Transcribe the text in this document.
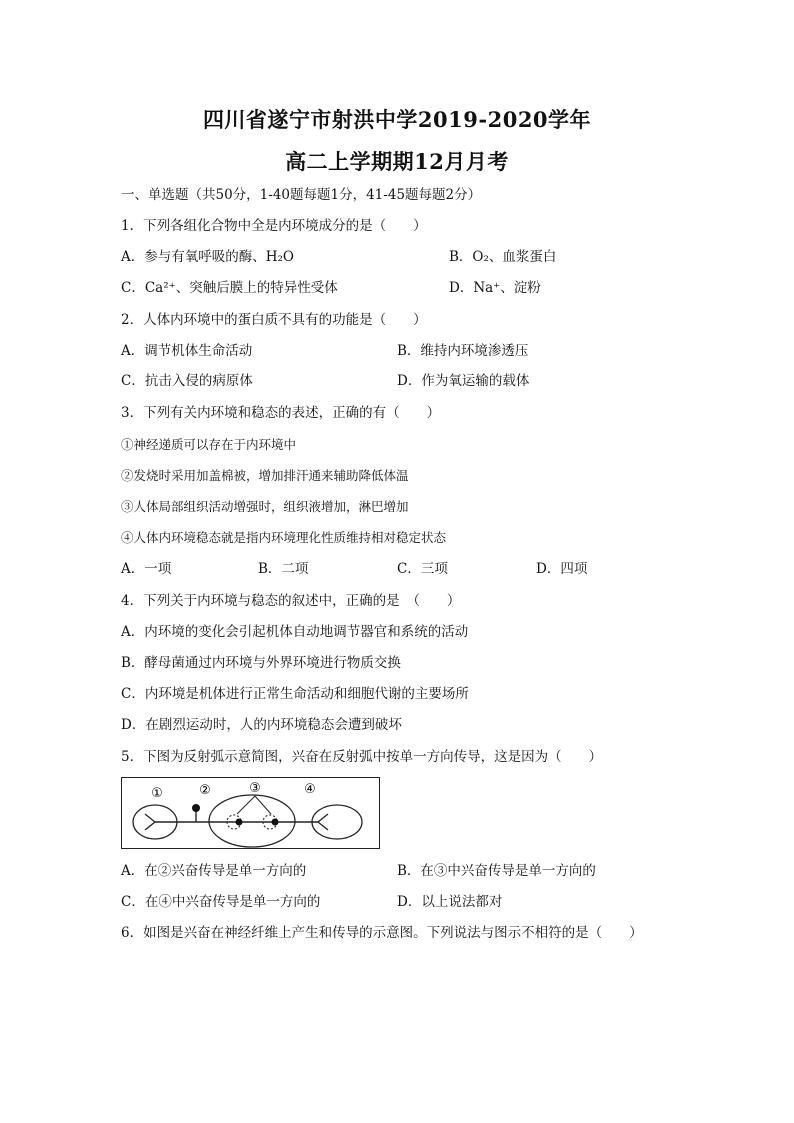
四川省遂宁市射洪中学2019-2020学年
高二上学期期12月月考
一、单选题（共50分，1-40题每题1分，41-45题每题2分）
1．下列各组化合物中全是内环境成分的是（　　）
A．参与有氧呼吸的酶、H₂O	B．O₂、血浆蛋白
C．Ca²⁺、突触后膜上的特异性受体	D．Na⁺、淀粉
2．人体内环境中的蛋白质不具有的功能是（　　）
A．调节机体生命活动	B．维持内环境渗透压
C．抗击入侵的病原体	D．作为氧运输的载体
3．下列有关内环境和稳态的表述，正确的有（　　）
①神经递质可以存在于内环境中
②发烧时采用加盖棉被，增加排汗通来辅助降低体温
③人体局部组织活动增强时，组织液增加，淋巴增加
④人体内环境稳态就是指内环境理化性质维持相对稳定状态
A．一项	B．二项	C．三项	D．四项
4．下列关于内环境与稳态的叙述中，正确的是　（　　）
A．内环境的变化会引起机体自动地调节器官和系统的活动
B．酵母菌通过内环境与外界环境进行物质交换
C．内环境是机体进行正常生命活动和细胞代谢的主要场所
D．在剧烈运动时，人的内环境稳态会遭到破坏
5．下图为反射弧示意简图，兴奋在反射弧中按单一方向传导，这是因为（　　）
①	②	③	④
A．在②兴奋传导是单一方向的	B．在③中兴奋传导是单一方向的
C．在④中兴奋传导是单一方向的	D．以上说法都对
6．如图是兴奋在神经纤维上产生和传导的示意图。下列说法与图示不相符的是（　　）
